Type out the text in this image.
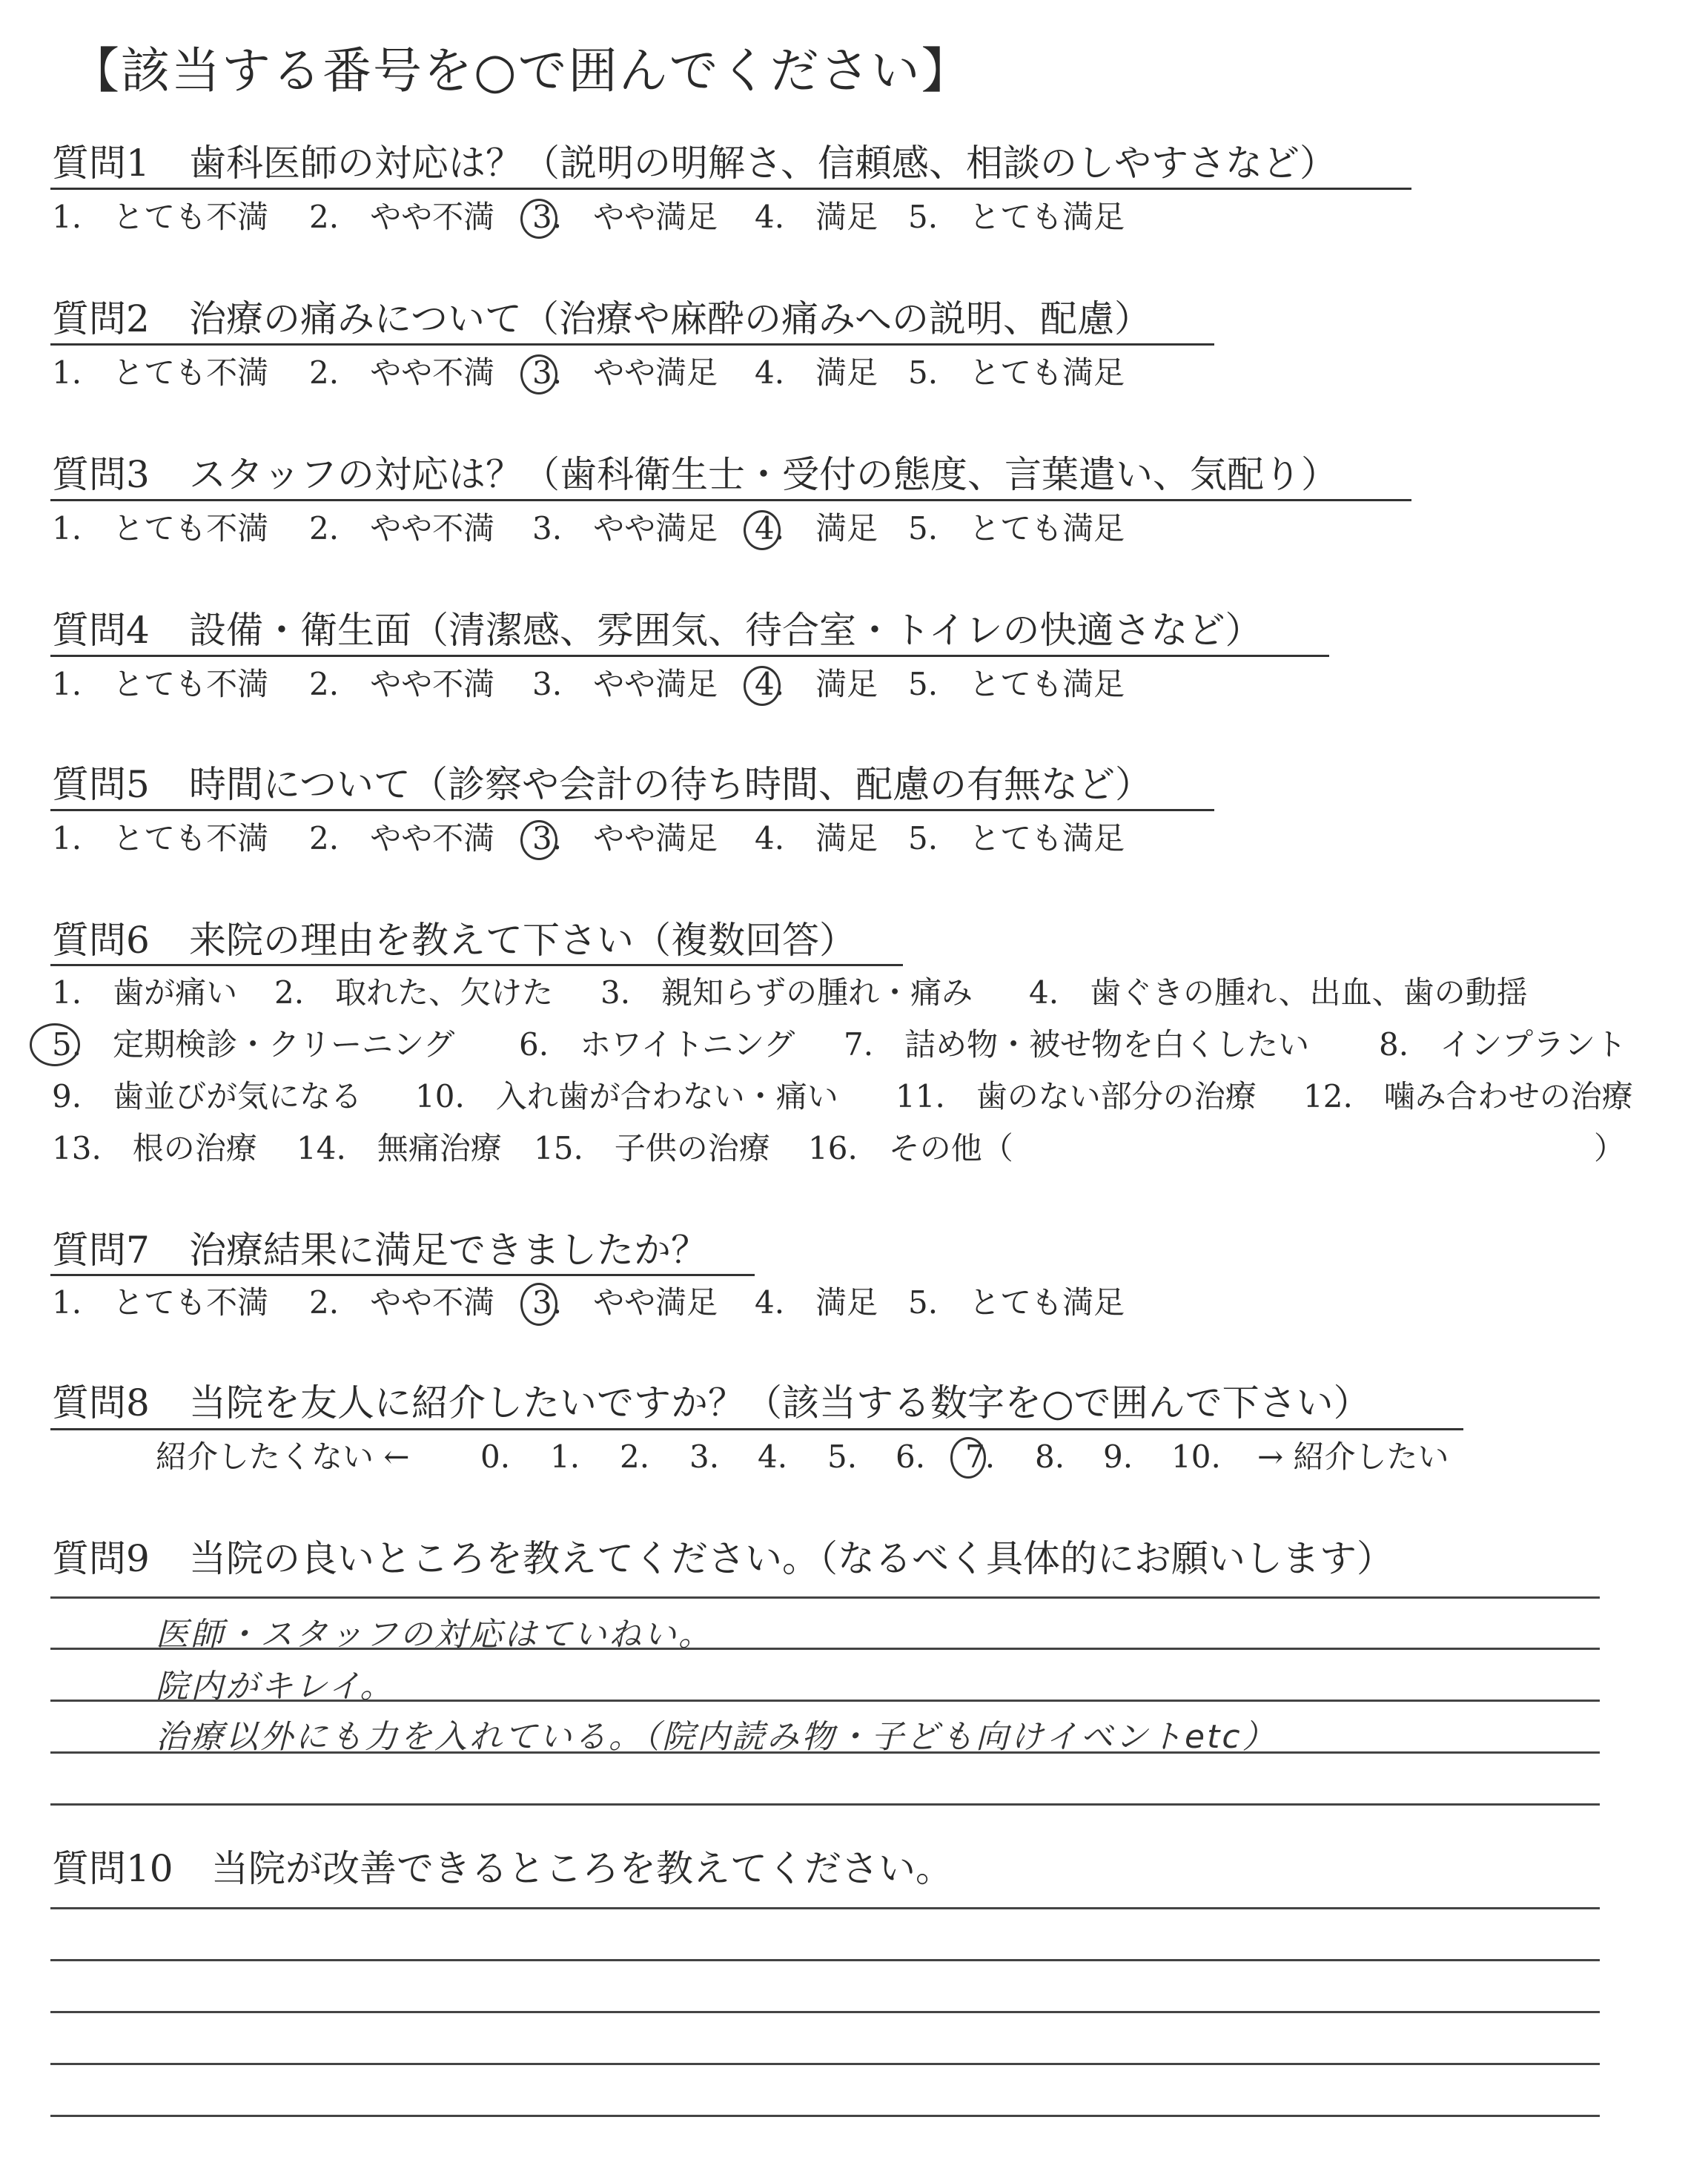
【該当する番号を○で囲んでください】
質問1 歯科医師の対応は？（説明の明解さ、信頼感、相談のしやすさなど）
1.　とても不満 2.　やや不満 3.　やや満足 4.　満足 5.　とても満足
質問2 治療の痛みについて（治療や麻酔の痛みへの説明、配慮）
1.　とても不満 2.　やや不満 3.　やや満足 4.　満足 5.　とても満足
質問3 スタッフの対応は？（歯科衛生士・受付の態度、言葉遣い、気配り）
1.　とても不満 2.　やや不満 3.　やや満足 4.　満足 5.　とても満足
質問4 設備・衛生面（清潔感、雰囲気、待合室・トイレの快適さなど）
1.　とても不満 2.　やや不満 3.　やや満足 4.　満足 5.　とても満足
質問5 時間について（診察や会計の待ち時間、配慮の有無など）
1.　とても不満 2.　やや不満 3.　やや満足 4.　満足 5.　とても満足
質問6 来院の理由を教えて下さい（複数回答）
1.　歯が痛い 2.　取れた、欠けた 3.　親知らずの腫れ・痛み 4.　歯ぐきの腫れ、出血、歯の動揺
5.　定期検診・クリーニング 6.　ホワイトニング 7.　詰め物・被せ物を白くしたい 8.　インプラント
9.　歯並びが気になる 10.　入れ歯が合わない・痛い 11.　歯のない部分の治療 12.　噛み合わせの治療
13.　根の治療 14.　無痛治療 15.　子供の治療 16.　その他（	）
質問7 治療結果に満足できましたか？
1.　とても不満 2.　やや不満 3.　やや満足 4.　満足 5.　とても満足
質問8 当院を友人に紹介したいですか？（該当する数字を○で囲んで下さい）
紹介したくない ← 0. 1. 2. 3. 4. 5. 6. 7. 8. 9. 10. → 紹介したい
質問9 当院の良いところを教えてください。（なるべく具体的にお願いします）
医師・スタッフの対応はていねい。
院内がキレイ。
治療以外にも力を入れている。（院内読み物・子ども向けイベントetc）
質問10 当院が改善できるところを教えてください。
